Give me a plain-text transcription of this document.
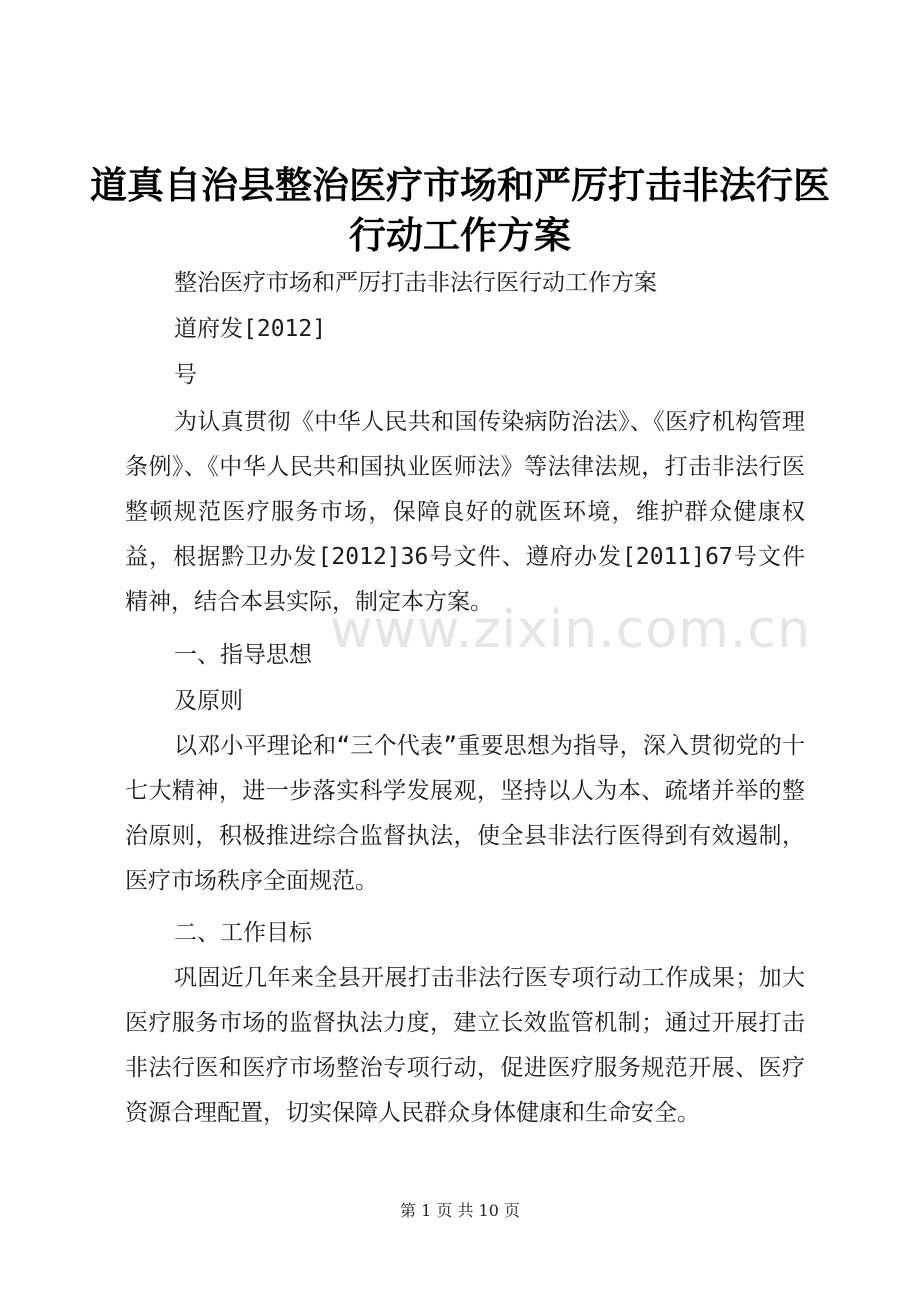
道真自治县整治医疗市场和严厉打击非法行医
行动工作方案
整治医疗市场和严厉打击非法行医行动工作方案
道府发[2012]
号
为认真贯彻《中华人民共和国传染病防治法》、《医疗机构管理条例》、《中华人民共和国执业医师法》等法律法规，打击非法行医整顿规范医疗服务市场，保障良好的就医环境，维护群众健康权益，根据黔卫办发[2012]36号文件、遵府办发[2011]67号文件精神，结合本县实际，制定本方案。
一、指导思想
及原则
以邓小平理论和“三个代表”重要思想为指导，深入贯彻党的十七大精神，进一步落实科学发展观，坚持以人为本、疏堵并举的整治原则，积极推进综合监督执法，使全县非法行医得到有效遏制，医疗市场秩序全面规范。
二、工作目标
巩固近几年来全县开展打击非法行医专项行动工作成果；加大医疗服务市场的监督执法力度，建立长效监管机制；通过开展打击非法行医和医疗市场整治专项行动，促进医疗服务规范开展、医疗资源合理配置，切实保障人民群众身体健康和生命安全。
www.zixin.com.cn
第 1 页 共 10 页
